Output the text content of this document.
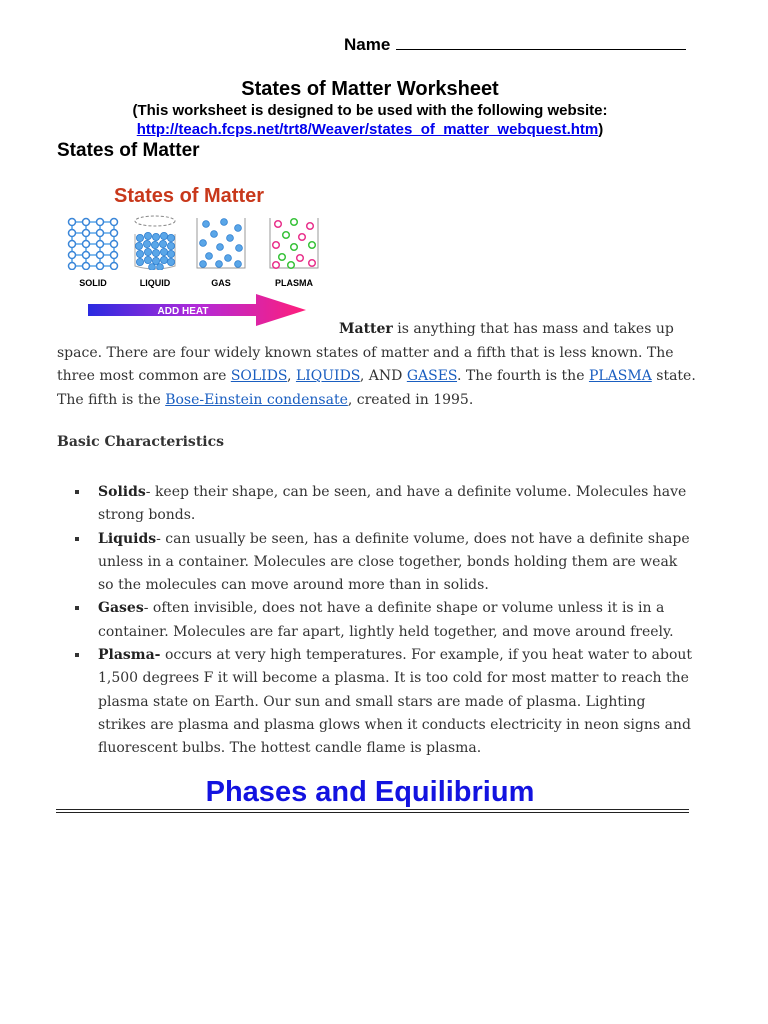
Name
States of Matter Worksheet
(This worksheet is designed to be used with the following website:
http://teach.fcps.net/trt8/Weaver/states_of_matter_webquest.htm)
States of Matter
States of Matter
SOLID	LIQUID	GAS	PLASMA
ADD HEAT
Matter is anything that has mass and takes up
space. There are four widely known states of matter and a fifth that is less known. The three most common are SOLIDS, LIQUIDS, AND GASES. The fourth is the PLASMA state. The fifth is the Bose-Einstein condensate, created in 1995.
Basic Characteristics
Solids- keep their shape, can be seen, and have a definite volume. Molecules have strong bonds.
Liquids- can usually be seen, has a definite volume, does not have a definite shape unless in a container. Molecules are close together, bonds holding them are weak so the molecules can move around more than in solids.
Gases- often invisible, does not have a definite shape or volume unless it is in a container. Molecules are far apart, lightly held together, and move around freely.
Plasma- occurs at very high temperatures. For example, if you heat water to about 1,500 degrees F it will become a plasma. It is too cold for most matter to reach the plasma state on Earth. Our sun and small stars are made of plasma. Lighting strikes are plasma and plasma glows when it conducts electricity in neon signs and fluorescent bulbs. The hottest candle flame is plasma.
Phases and Equilibrium
